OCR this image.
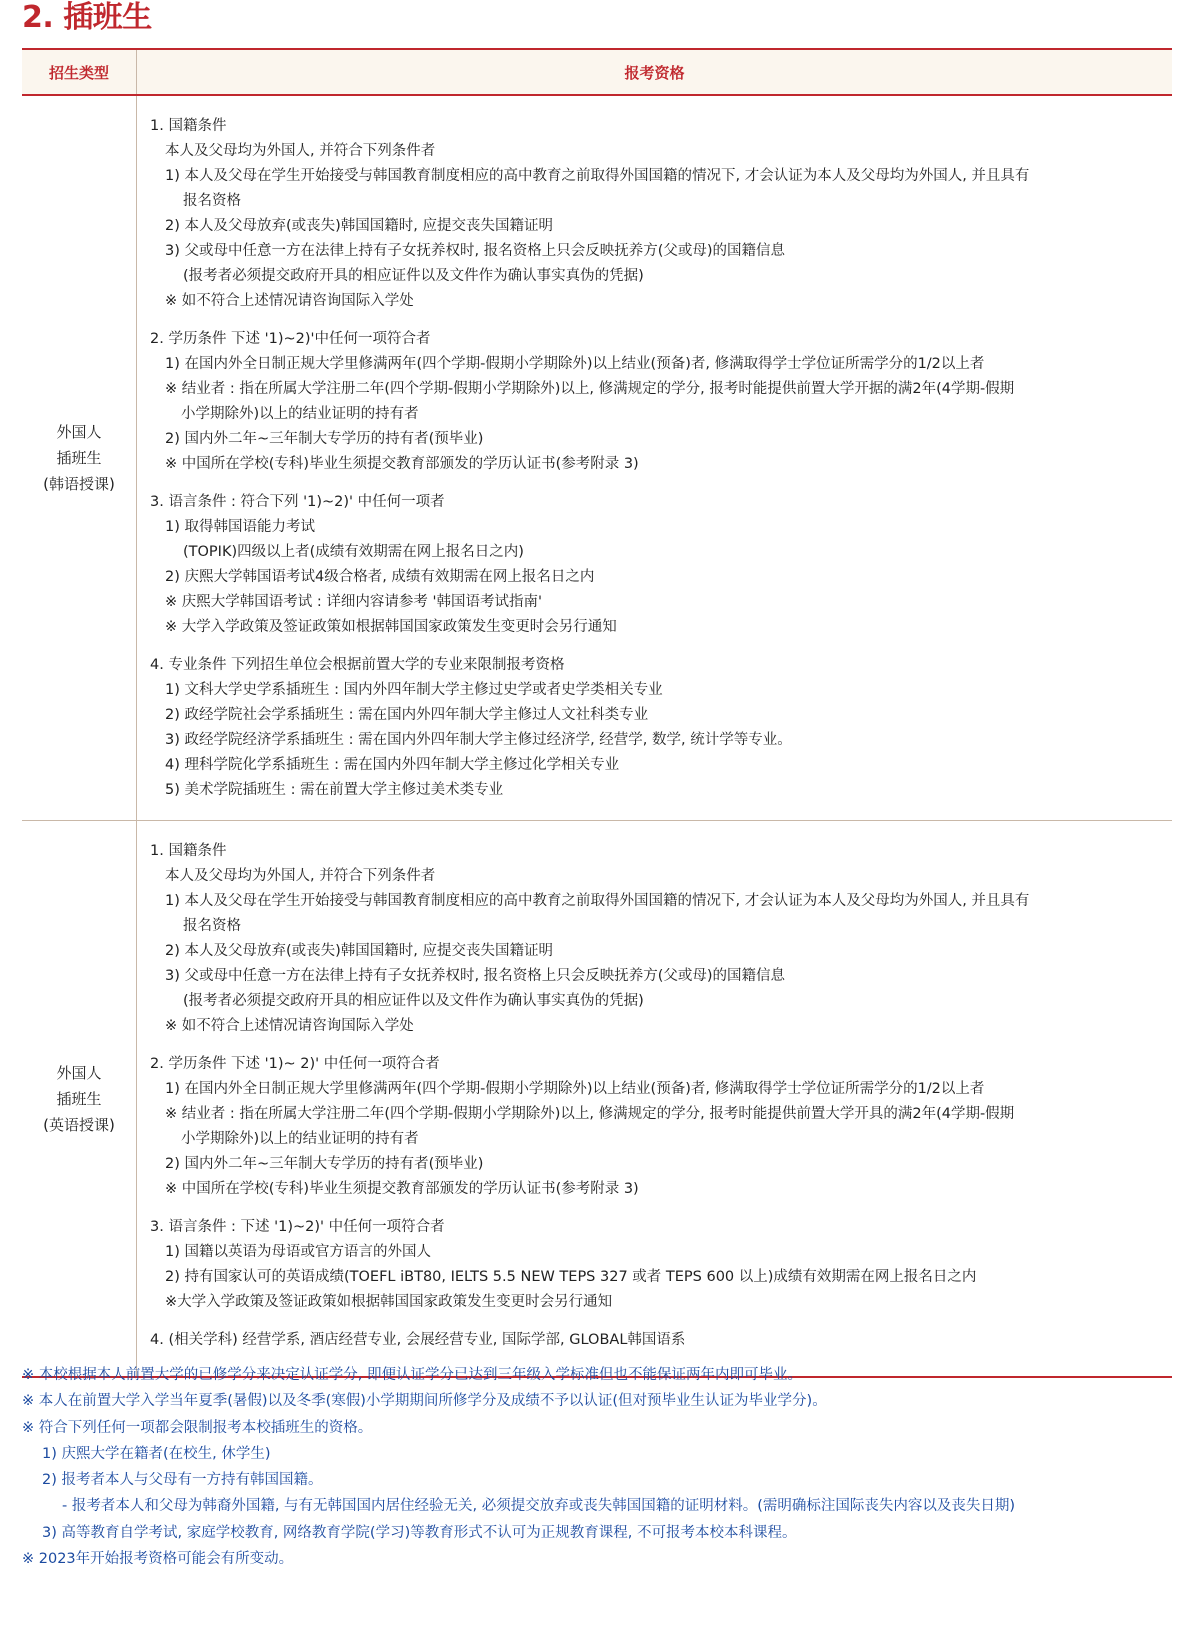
2. 插班生
招生类型	报考资格
外国人
插班生
(韩语授课)
1. 国籍条件
本人及父母均为外国人, 并符合下列条件者
1) 本人及父母在学生开始接受与韩国教育制度相应的高中教育之前取得外国国籍的情况下, 才会认证为本人及父母均为外国人, 并且具有
报名资格
2) 本人及父母放弃(或丧失)韩国国籍时, 应提交丧失国籍证明
3) 父或母中任意一方在法律上持有子女抚养权时, 报名资格上只会反映抚养方(父或母)的国籍信息
(报考者必须提交政府开具的相应证件以及文件作为确认事实真伪的凭据)
※ 如不符合上述情况请咨询国际入学处
2. 学历条件 下述 '1)~2)'中任何一项符合者
1) 在国内外全日制正规大学里修满两年(四个学期-假期小学期除外)以上结业(预备)者, 修满取得学士学位证所需学分的1/2以上者
※ 结业者 : 指在所属大学注册二年(四个学期-假期小学期除外)以上, 修满规定的学分, 报考时能提供前置大学开据的满2年(4学期-假期
小学期除外)以上的结业证明的持有者
2) 国内外二年~三年制大专学历的持有者(预毕业)
※ 中国所在学校(专科)毕业生须提交教育部颁发的学历认证书(参考附录 3)
3. 语言条件 : 符合下列 '1)~2)' 中任何一项者
1) 取得韩国语能力考试
(TOPIK)四级以上者(成绩有效期需在网上报名日之内)
2) 庆熙大学韩国语考试4级合格者, 成绩有效期需在网上报名日之内
※ 庆熙大学韩国语考试 : 详细内容请参考 '韩国语考试指南'
※ 大学入学政策及签证政策如根据韩国国家政策发生变更时会另行通知
4. 专业条件 下列招生单位会根据前置大学的专业来限制报考资格
1) 文科大学史学系插班生 : 国内外四年制大学主修过史学或者史学类相关专业
2) 政经学院社会学系插班生 : 需在国内外四年制大学主修过人文社科类专业
3) 政经学院经济学系插班生 : 需在国内外四年制大学主修过经济学, 经营学, 数学, 统计学等专业。
4) 理科学院化学系插班生 : 需在国内外四年制大学主修过化学相关专业
5) 美术学院插班生 : 需在前置大学主修过美术类专业
外国人
插班生
(英语授课)
1. 国籍条件
本人及父母均为外国人, 并符合下列条件者
1) 本人及父母在学生开始接受与韩国教育制度相应的高中教育之前取得外国国籍的情况下, 才会认证为本人及父母均为外国人, 并且具有
报名资格
2) 本人及父母放弃(或丧失)韩国国籍时, 应提交丧失国籍证明
3) 父或母中任意一方在法律上持有子女抚养权时, 报名资格上只会反映抚养方(父或母)的国籍信息
(报考者必须提交政府开具的相应证件以及文件作为确认事实真伪的凭据)
※ 如不符合上述情况请咨询国际入学处
2. 学历条件 下述 '1)~ 2)' 中任何一项符合者
1) 在国内外全日制正规大学里修满两年(四个学期-假期小学期除外)以上结业(预备)者, 修满取得学士学位证所需学分的1/2以上者
※ 结业者 : 指在所属大学注册二年(四个学期-假期小学期除外)以上, 修满规定的学分, 报考时能提供前置大学开具的满2年(4学期-假期
小学期除外)以上的结业证明的持有者
2) 国内外二年~三年制大专学历的持有者(预毕业)
※ 中国所在学校(专科)毕业生须提交教育部颁发的学历认证书(参考附录 3)
3. 语言条件 : 下述 '1)~2)' 中任何一项符合者
1) 国籍以英语为母语或官方语言的外国人
2) 持有国家认可的英语成绩(TOEFL iBT80, IELTS 5.5 NEW TEPS 327 或者 TEPS 600 以上)成绩有效期需在网上报名日之内
※大学入学政策及签证政策如根据韩国国家政策发生变更时会另行通知
4. (相关学科) 经营学系, 酒店经营专业, 会展经营专业, 国际学部, GLOBAL韩国语系
※ 本校根据本人前置大学的已修学分来决定认证学分, 即便认证学分已达到三年级入学标准但也不能保证两年内即可毕业。
※ 本人在前置大学入学当年夏季(暑假)以及冬季(寒假)小学期期间所修学分及成绩不予以认证(但对预毕业生认证为毕业学分)。
※ 符合下列任何一项都会限制报考本校插班生的资格。
1) 庆熙大学在籍者(在校生, 休学生)
2) 报考者本人与父母有一方持有韩国国籍。
- 报考者本人和父母为韩裔外国籍, 与有无韩国国内居住经验无关, 必须提交放弃或丧失韩国国籍的证明材料。(需明确标注国际丧失内容以及丧失日期)
3) 高等教育自学考试, 家庭学校教育, 网络教育学院(学习)等教育形式不认可为正规教育课程, 不可报考本校本科课程。
※ 2023年开始报考资格可能会有所变动。
